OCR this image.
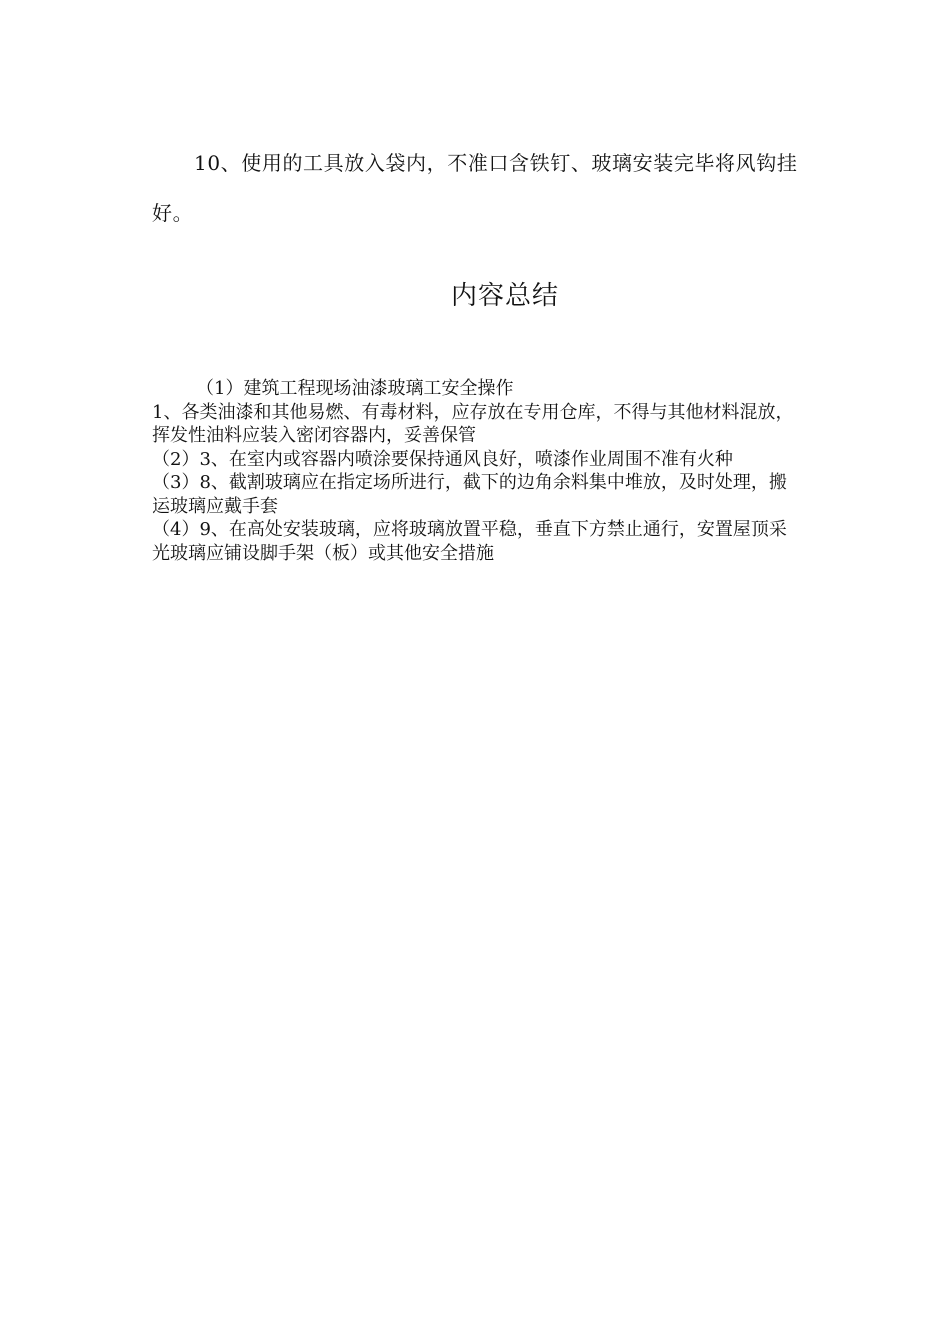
10、使用的工具放入袋内，不准口含铁钉、玻璃安装完毕将风钩挂好。

内容总结

（1）建筑工程现场油漆玻璃工安全操作

1、各类油漆和其他易燃、有毒材料，应存放在专用仓库，不得与其他材料混放，挥发性油料应装入密闭容器内，妥善保管

（2）3、在室内或容器内喷涂要保持通风良好，喷漆作业周围不准有火种

（3）8、截割玻璃应在指定场所进行，截下的边角余料集中堆放，及时处理，搬运玻璃应戴手套

（4）9、在高处安装玻璃，应将玻璃放置平稳，垂直下方禁止通行，安置屋顶采光玻璃应铺设脚手架（板）或其他安全措施
